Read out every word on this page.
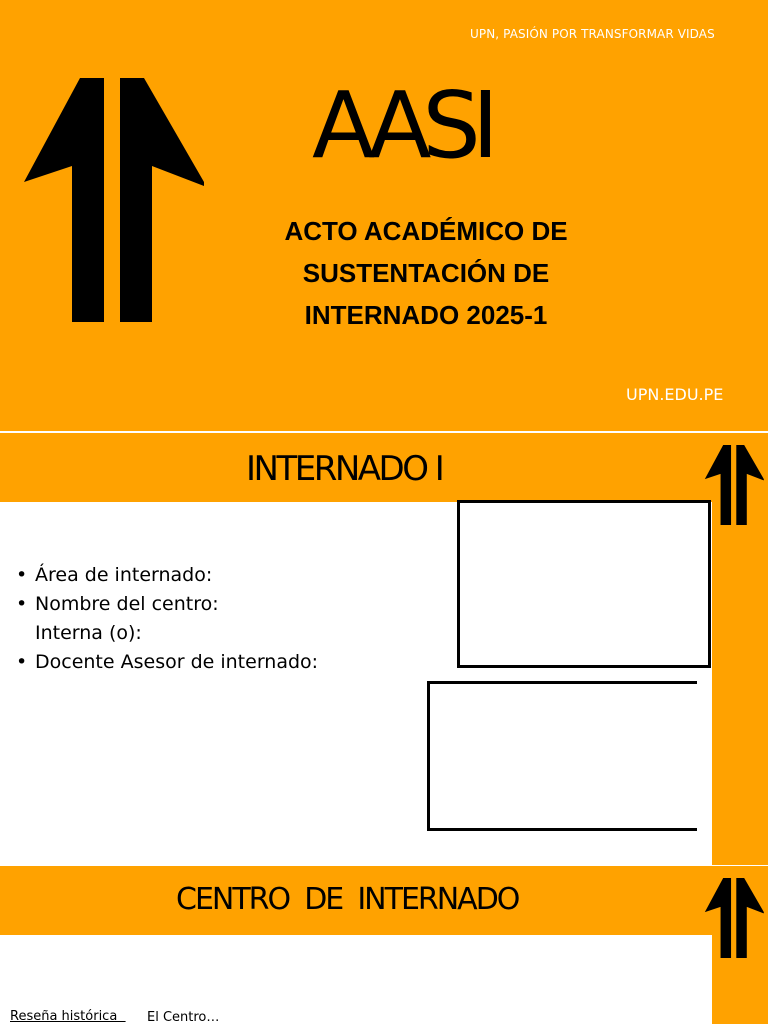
UPN, PASIÓN POR TRANSFORMAR VIDAS
AASI
ACTO ACADÉMICO DE SUSTENTACIÓN DE INTERNADO 2025-1
UPN.EDU.PE
INTERNADO I
• Área de internado:
• Nombre del centro:
Interna (o):
• Docente Asesor de internado:
CENTRO  DE  INTERNADO
Reseña histórica El Centro…
